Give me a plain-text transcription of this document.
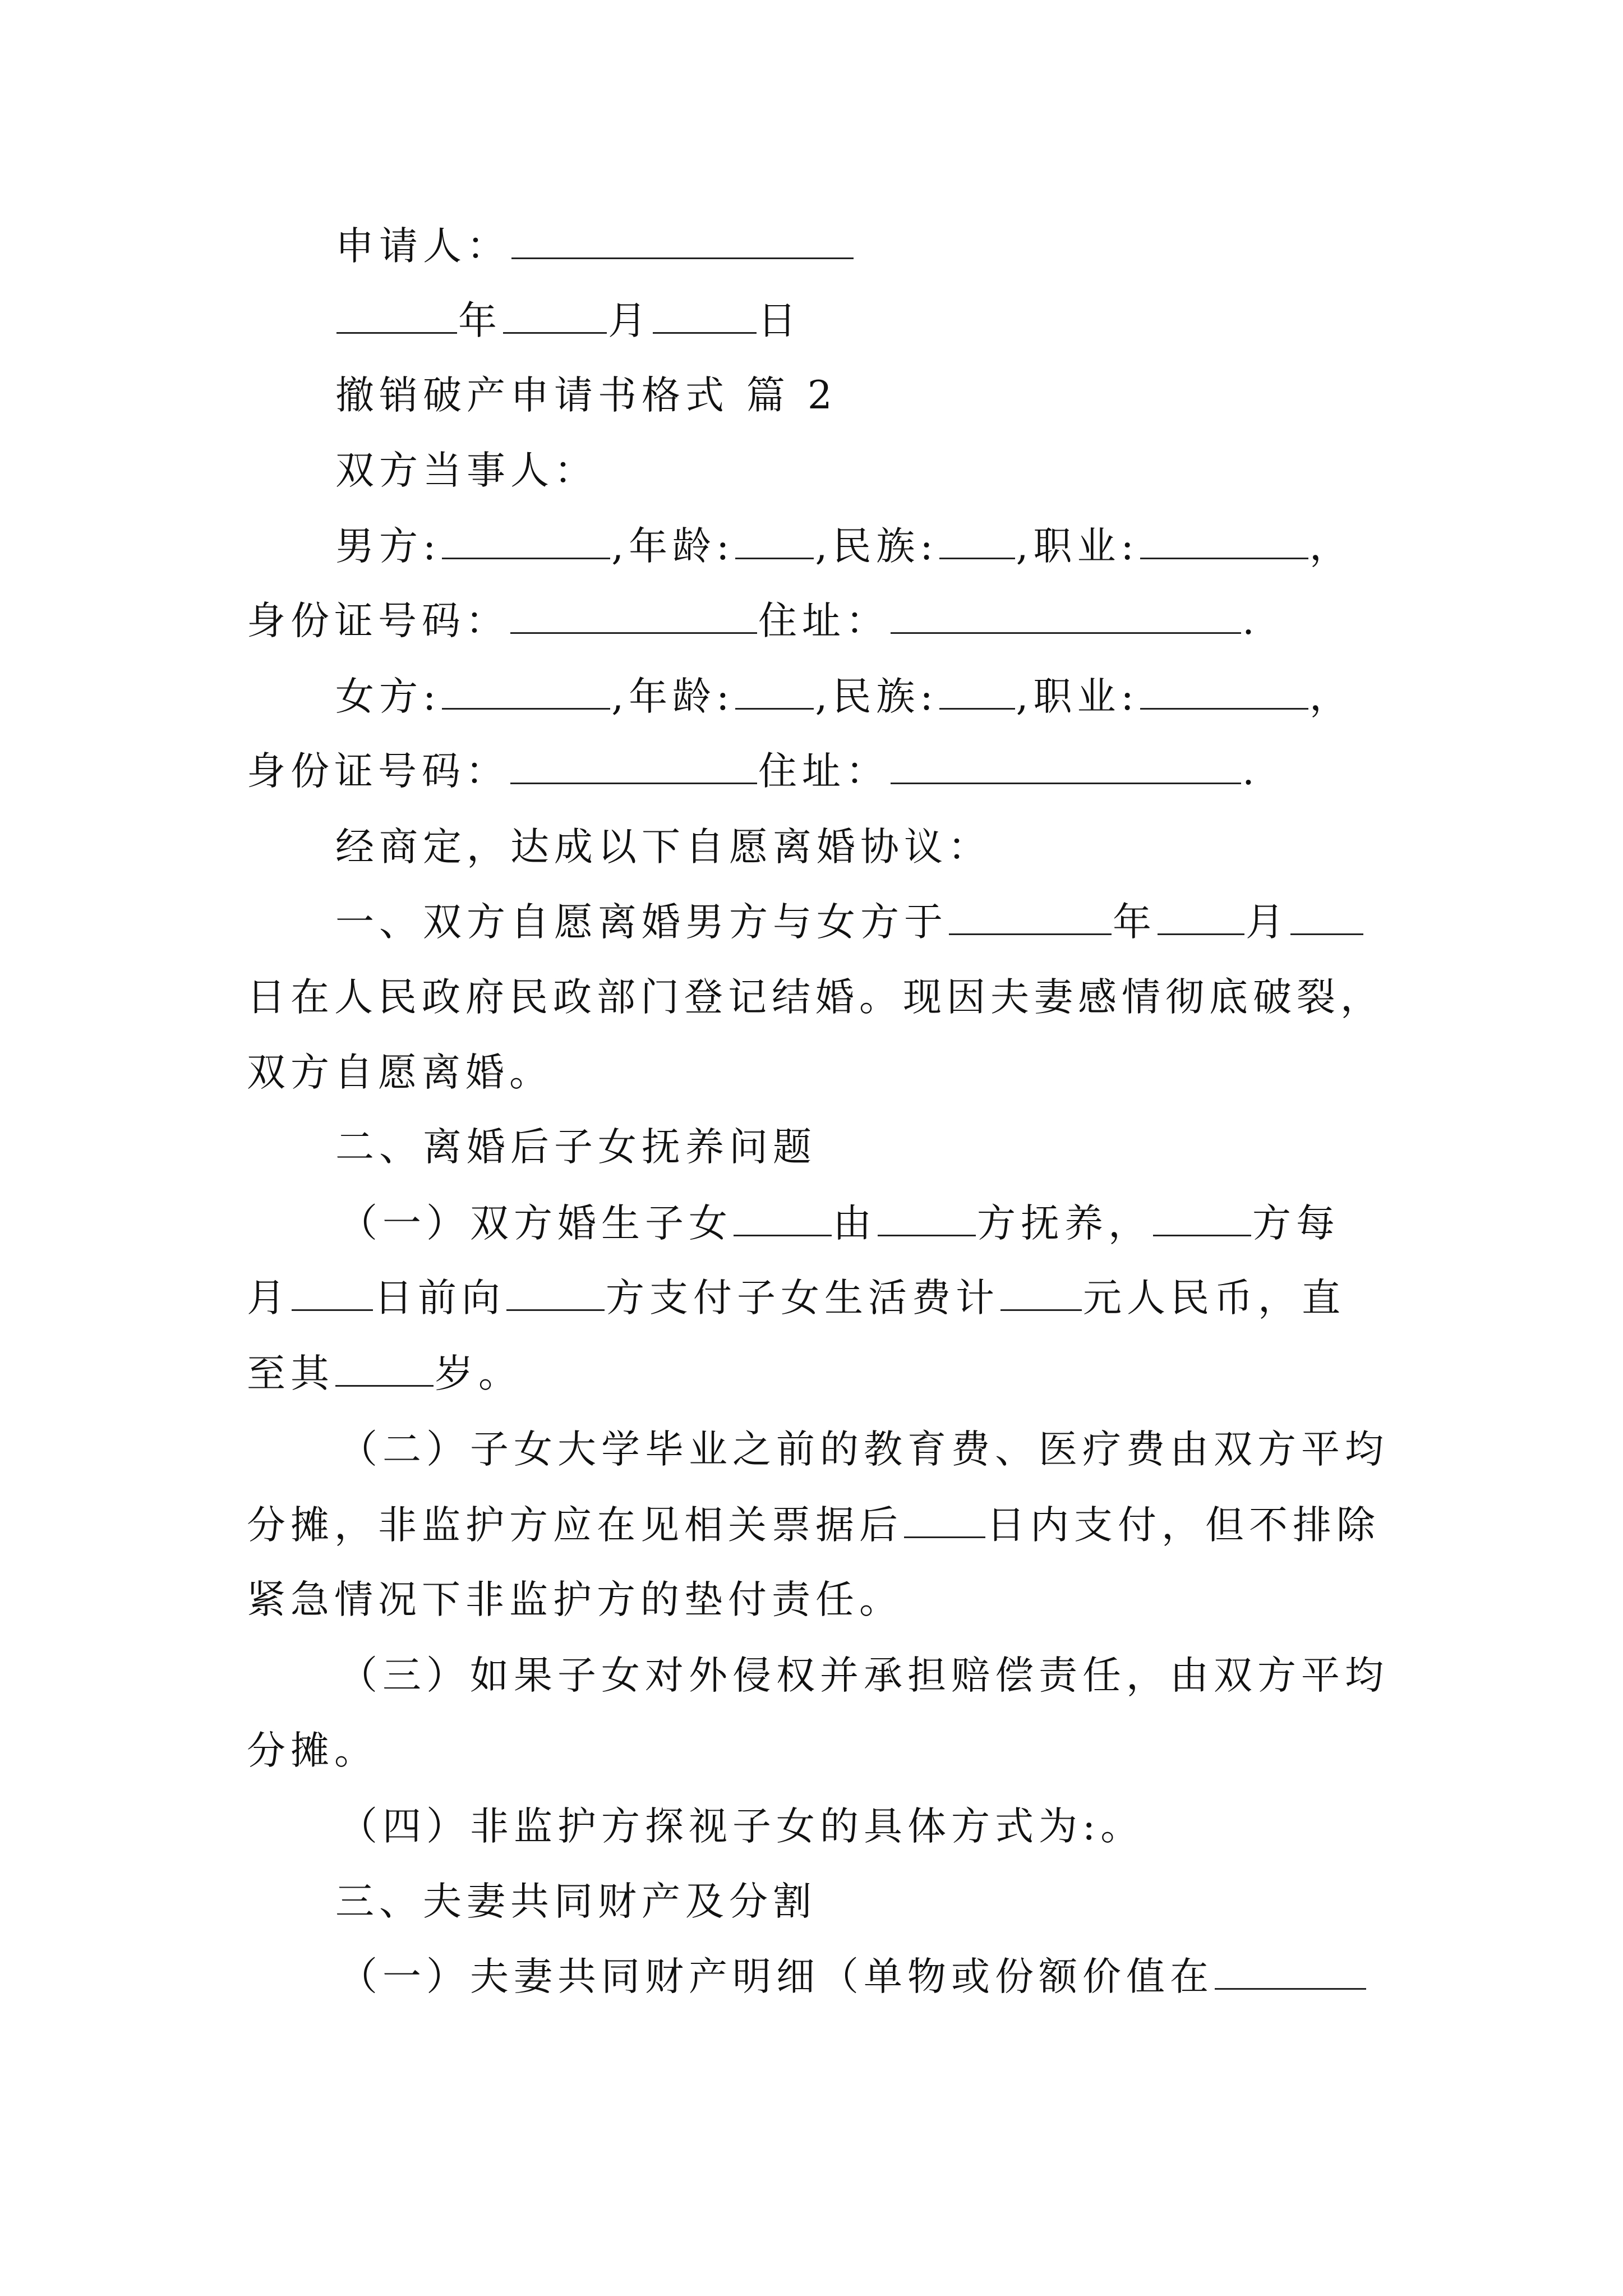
申请人：
年	月	日
撤销破产申请书格式 篇 2
双方当事人：
男方:	,年龄: ,民族: ,职业:	，
身份证号码：	住址：	.
女方:	,年龄: ,民族: ,职业:	，
身份证号码：	住址：	.
经商定，达成以下自愿离婚协议：
一、双方自愿离婚男方与女方于	年 月
日在人民政府民政部门登记结婚。现因夫妻感情彻底破裂，
双方自愿离婚。
二、离婚后子女抚养问题
（一）双方婚生子女	由	方抚养，	方每
月 日前向	方支付子女生活费计 元人民币，直
至其	岁。
（二）子女大学毕业之前的教育费、医疗费由双方平均
分摊，非监护方应在见相关票据后 日内支付，但不排除
紧急情况下非监护方的垫付责任。
（三）如果子女对外侵权并承担赔偿责任，由双方平均
分摊。
（四）非监护方探视子女的具体方式为:。
三、夫妻共同财产及分割
（一）夫妻共同财产明细（单物或份额价值在
